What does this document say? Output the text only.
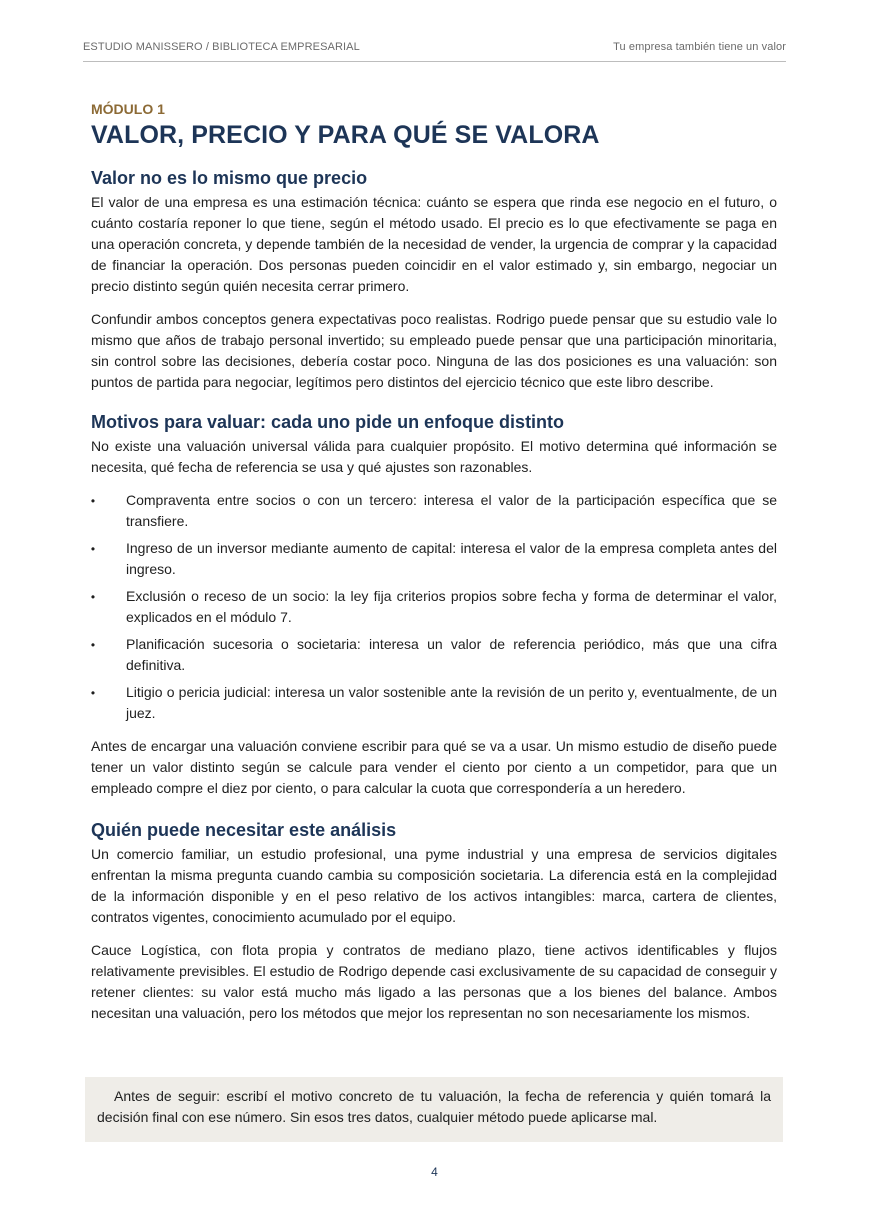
ESTUDIO MANISSERO / BIBLIOTECA EMPRESARIAL	Tu empresa también tiene un valor
MÓDULO 1
VALOR, PRECIO Y PARA QUÉ SE VALORA
Valor no es lo mismo que precio

El valor de una empresa es una estimación técnica: cuánto se espera que rinda ese negocio en el futuro, o cuánto costaría reponer lo que tiene, según el método usado. El precio es lo que efectivamente se paga en una operación concreta, y depende también de la necesidad de vender, la urgencia de comprar y la capacidad de financiar la operación. Dos personas pueden coincidir en el valor estimado y, sin embargo, negociar un precio distinto según quién necesita cerrar primero.

Confundir ambos conceptos genera expectativas poco realistas. Rodrigo puede pensar que su estudio vale lo mismo que años de trabajo personal invertido; su empleado puede pensar que una participación minoritaria, sin control sobre las decisiones, debería costar poco. Ninguna de las dos posiciones es una valuación: son puntos de partida para negociar, legítimos pero distintos del ejercicio técnico que este libro describe.

Motivos para valuar: cada uno pide un enfoque distinto

No existe una valuación universal válida para cualquier propósito. El motivo determina qué información se necesita, qué fecha de referencia se usa y qué ajustes son razonables.

• Compraventa entre socios o con un tercero: interesa el valor de la participación específica que se transfiere.
• Ingreso de un inversor mediante aumento de capital: interesa el valor de la empresa completa antes del ingreso.
• Exclusión o receso de un socio: la ley fija criterios propios sobre fecha y forma de determinar el valor, explicados en el módulo 7.
• Planificación sucesoria o societaria: interesa un valor de referencia periódico, más que una cifra definitiva.
• Litigio o pericia judicial: interesa un valor sostenible ante la revisión de un perito y, eventualmente, de un juez.

Antes de encargar una valuación conviene escribir para qué se va a usar. Un mismo estudio de diseño puede tener un valor distinto según se calcule para vender el ciento por ciento a un competidor, para que un empleado compre el diez por ciento, o para calcular la cuota que correspondería a un heredero.

Quién puede necesitar este análisis

Un comercio familiar, un estudio profesional, una pyme industrial y una empresa de servicios digitales enfrentan la misma pregunta cuando cambia su composición societaria. La diferencia está en la complejidad de la información disponible y en el peso relativo de los activos intangibles: marca, cartera de clientes, contratos vigentes, conocimiento acumulado por el equipo.

Cauce Logística, con flota propia y contratos de mediano plazo, tiene activos identificables y flujos relativamente previsibles. El estudio de Rodrigo depende casi exclusivamente de su capacidad de conseguir y retener clientes: su valor está mucho más ligado a las personas que a los bienes del balance. Ambos necesitan una valuación, pero los métodos que mejor los representan no son necesariamente los mismos.

Antes de seguir: escribí el motivo concreto de tu valuación, la fecha de referencia y quién tomará la decisión final con ese número. Sin esos tres datos, cualquier método puede aplicarse mal.
4
